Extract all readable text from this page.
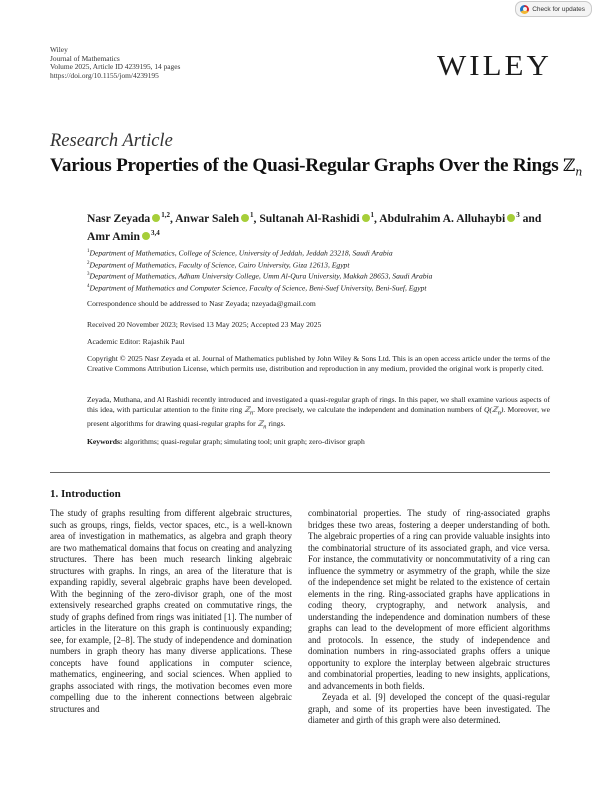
Check for updates
Wiley
Journal of Mathematics
Volume 2025, Article ID 4239195, 14 pages
https://doi.org/10.1155/jom/4239195	WILEY
Research Article
Various Properties of the Quasi-Regular Graphs Over the Rings ℤ$_n$
Nasr Zeyada $^{1,2}$, Anwar Saleh $^1$, Sultanah Al-Rashidi $^1$, Abdulrahim A. Alluhaybi $^3$ and Amr Amin $^{3,4}$
$^1$Department of Mathematics, College of Science, University of Jeddah, Jeddah 23218, Saudi Arabia
$^2$Department of Mathematics, Faculty of Science, Cairo University, Giza 12613, Egypt
$^3$Department of Mathematics, Adham University College, Umm Al-Qura University, Makkah 28653, Saudi Arabia
$^4$Department of Mathematics and Computer Science, Faculty of Science, Beni-Suef University, Beni-Suef, Egypt
Correspondence should be addressed to Nasr Zeyada; nzeyada@gmail.com
Received 20 November 2023; Revised 13 May 2025; Accepted 23 May 2025
Academic Editor: Rajashik Paul
Copyright © 2025 Nasr Zeyada et al. Journal of Mathematics published by John Wiley & Sons Ltd. This is an open access article under the terms of the Creative Commons Attribution License, which permits use, distribution and reproduction in any medium, provided the original work is properly cited.
Zeyada, Muthana, and Al Rashidi recently introduced and investigated a quasi-regular graph of rings. In this paper, we shall examine various aspects of this idea, with particular attention to the finite ring ℤ$_n$. More precisely, we calculate the independent and domination numbers of Q(ℤ$_n$). Moreover, we present algorithms for drawing quasi-regular graphs for ℤ$_n$ rings.
Keywords: algorithms; quasi-regular graph; simulating tool; unit graph; zero-divisor graph
1. Introduction

The study of graphs resulting from different algebraic structures, such as groups, rings, fields, vector spaces, etc., is a well-known area of investigation in mathematics, as algebra and graph theory are two mathematical domains that focus on creating and analyzing structures. There has been much research linking algebraic structures with graphs. In rings, an area of the literature that is expanding rapidly, several algebraic graphs have been developed. With the beginning of the zero-divisor graph, one of the most extensively researched graphs created on commutative rings, the study of graphs defined from rings was initiated [1]. The number of articles in the literature on this graph is continuously expanding; see, for example, [2–8]. The study of independence and domination numbers in graph theory has many diverse applications. These concepts have found applications in computer science, mathematics, engineering, and social sciences. When applied to graphs associated with rings, the motivation becomes even more compelling due to the inherent connections between algebraic structures and

combinatorial properties. The study of ring-associated graphs bridges these two areas, fostering a deeper understanding of both. The algebraic properties of a ring can provide valuable insights into the combinatorial structure of its associated graph, and vice versa. For instance, the commutativity or noncommutativity of a ring can influence the symmetry or asymmetry of the graph, while the size of the independence set might be related to the existence of certain elements in the ring. Ring-associated graphs have applications in coding theory, cryptography, and network analysis, and understanding the independence and domination numbers of these graphs can lead to the development of more efficient algorithms and protocols. In essence, the study of independence and domination numbers in ring-associated graphs offers a unique opportunity to explore the interplay between algebraic structures and combinatorial properties, leading to new insights, applications, and advancements in both fields.

Zeyada et al. [9] developed the concept of the quasi-regular graph, and some of its properties have been investigated. The diameter and girth of this graph were also determined.
